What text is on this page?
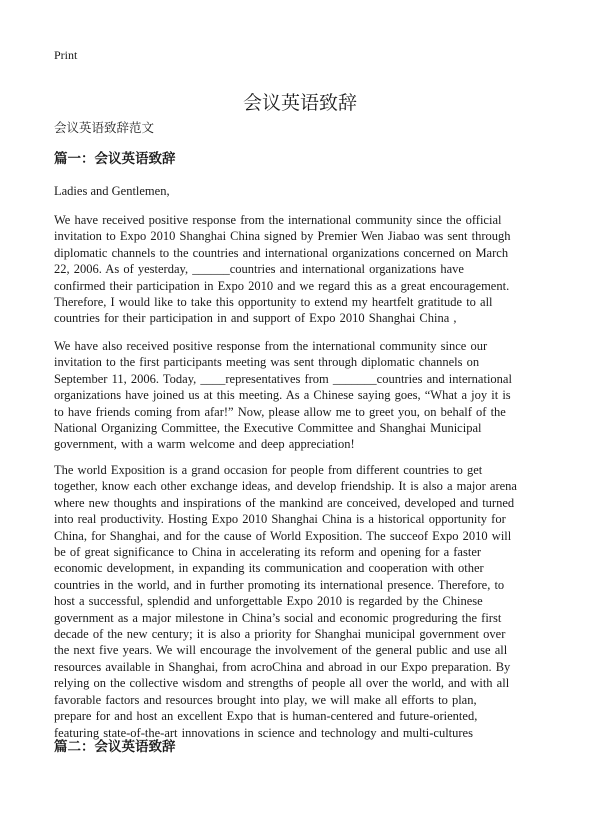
Print
会议英语致辞
会议英语致辞范文
篇一：会议英语致辞
Ladies and Gentlemen,
We have received positive response from the international community since the official
invitation to Expo 2010 Shanghai China signed by Premier Wen Jiabao was sent through
diplomatic channels to the countries and international organizations concerned on March
22, 2006. As of yesterday, ______countries and international organizations have
confirmed their participation in Expo 2010 and we regard this as a great encouragement.
Therefore, I would like to take this opportunity to extend my heartfelt gratitude to all
countries for their participation in and support of Expo 2010 Shanghai China ,
We have also received positive response from the international community since our
invitation to the first participants meeting was sent through diplomatic channels on
September 11, 2006. Today, ____representatives from _______countries and international
organizations have joined us at this meeting. As a Chinese saying goes, “What a joy it is
to have friends coming from afar!” Now, please allow me to greet you, on behalf of the
National Organizing Committee, the Executive Committee and Shanghai Municipal
government, with a warm welcome and deep appreciation!
The world Exposition is a grand occasion for people from different countries to get
together, know each other exchange ideas, and develop friendship. It is also a major arena
where new thoughts and inspirations of the mankind are conceived, developed and turned
into real productivity. Hosting Expo 2010 Shanghai China is a historical opportunity for
China, for Shanghai, and for the cause of World Exposition. The succeof Expo 2010 will
be of great significance to China in accelerating its reform and opening for a faster
economic development, in expanding its communication and cooperation with other
countries in the world, and in further promoting its international presence. Therefore, to
host a successful, splendid and unforgettable Expo 2010 is regarded by the Chinese
government as a major milestone in China’s social and economic progreduring the first
decade of the new century; it is also a priority for Shanghai municipal government over
the next five years. We will encourage the involvement of the general public and use all
resources available in Shanghai, from acroChina and abroad in our Expo preparation. By
relying on the collective wisdom and strengths of people all over the world, and with all
favorable factors and resources brought into play, we will make all efforts to plan,
prepare for and host an excellent Expo that is human-centered and future-oriented,
featuring state-of-the-art innovations in science and technology and multi-cultures
篇二：会议英语致辞
